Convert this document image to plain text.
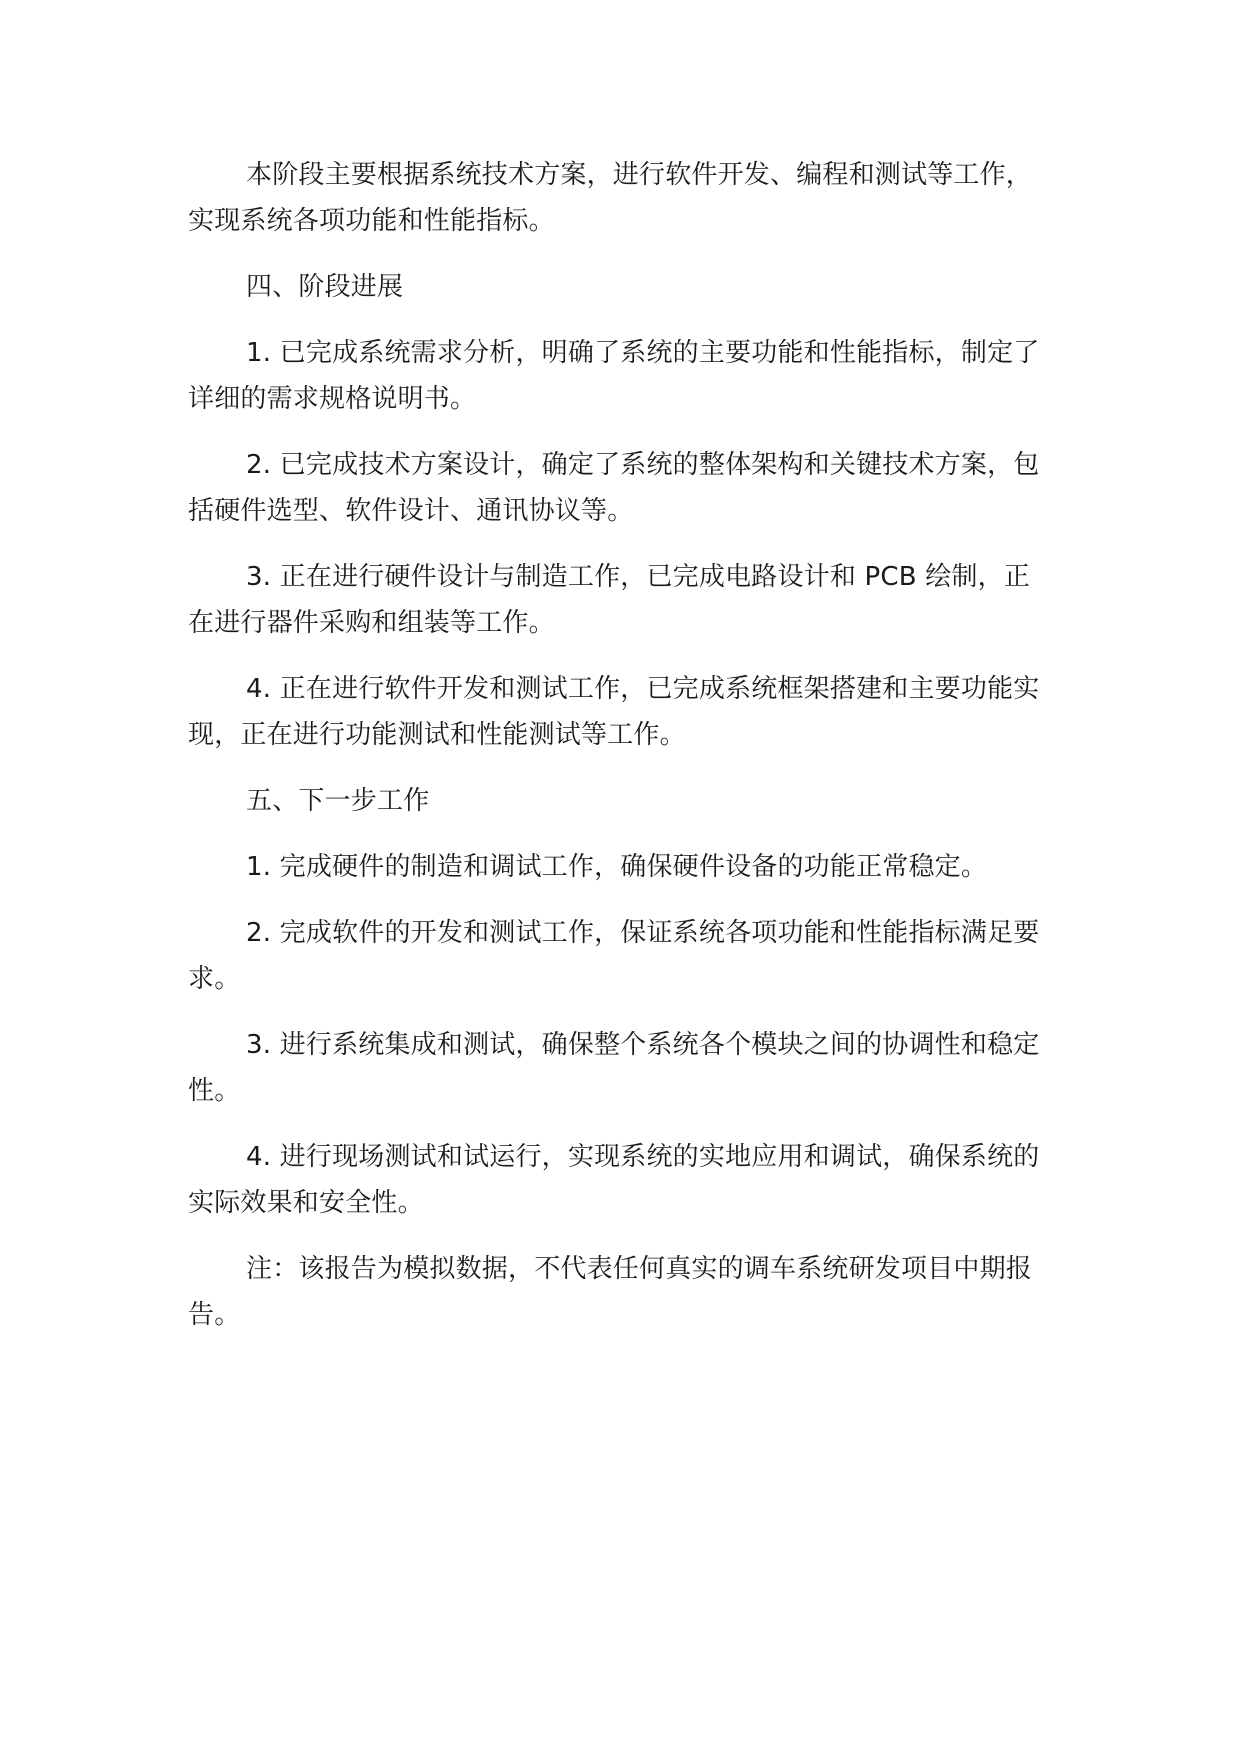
本阶段主要根据系统技术方案，进行软件开发、编程和测试等工作，实现系统各项功能和性能指标。

四、阶段进展

1. 已完成系统需求分析，明确了系统的主要功能和性能指标，制定了详细的需求规格说明书。

2. 已完成技术方案设计，确定了系统的整体架构和关键技术方案，包括硬件选型、软件设计、通讯协议等。

3. 正在进行硬件设计与制造工作，已完成电路设计和 PCB 绘制，正在进行器件采购和组装等工作。

4. 正在进行软件开发和测试工作，已完成系统框架搭建和主要功能实现，正在进行功能测试和性能测试等工作。

五、下一步工作

1. 完成硬件的制造和调试工作，确保硬件设备的功能正常稳定。

2. 完成软件的开发和测试工作，保证系统各项功能和性能指标满足要求。

3. 进行系统集成和测试，确保整个系统各个模块之间的协调性和稳定性。

4. 进行现场测试和试运行，实现系统的实地应用和调试，确保系统的实际效果和安全性。

注：该报告为模拟数据，不代表任何真实的调车系统研发项目中期报告。
